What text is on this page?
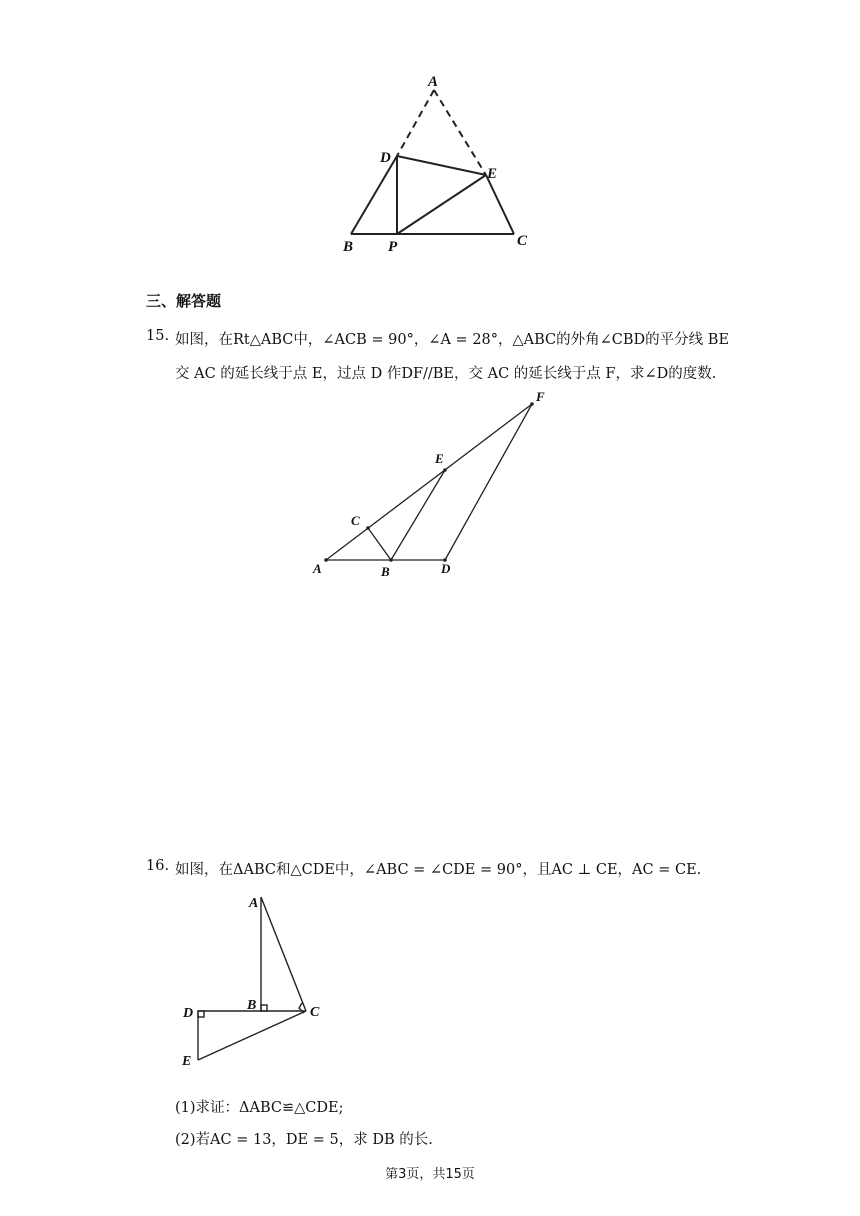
A
D
E
B P	C
三、解答题
15. 如图，在Rt△ABC中，∠ACB = 90°，∠A = 28°，△ABC的外角∠CBD的平分线 BE
交 AC 的延长线于点 E，过点 D 作DF//BE，交 AC 的延长线于点 F，求∠D的度数.
F
E
C
A	B	D
16. 如图，在ΔABC和△CDE中，∠ABC = ∠CDE = 90°，且AC ⊥ CE，AC = CE.
A
B	C
D
E
(1)求证：ΔABC≌△CDE;
(2)若AC = 13，DE = 5，求 DB 的长.
第3页，共15页
